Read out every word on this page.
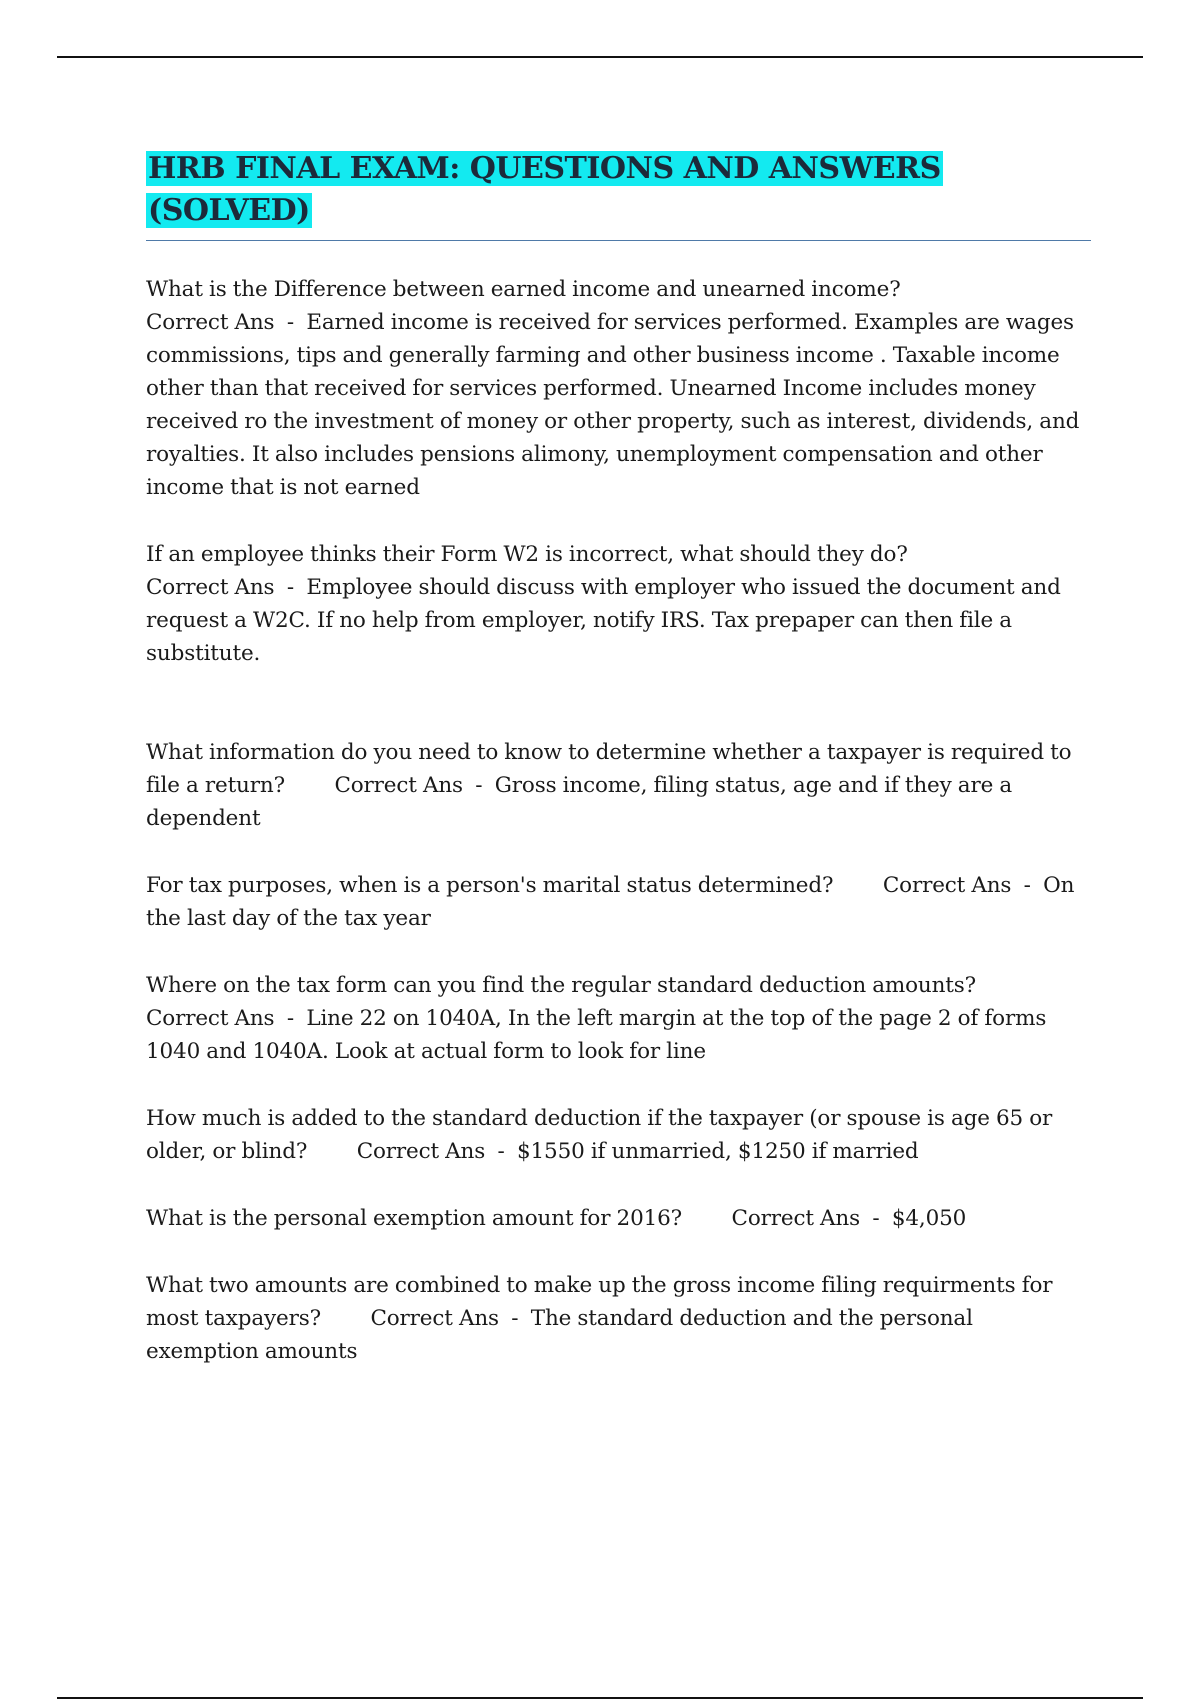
HRB FINAL EXAM: QUESTIONS AND ANSWERS (SOLVED)

What is the Difference between earned income and unearned income?
Correct Ans  -  Earned income is received for services performed. Examples are wages commissions, tips and generally farming and other business income . Taxable income other than that received for services performed. Unearned Income includes money received ro the investment of money or other property, such as interest, dividends, and royalties. It also includes pensions alimony, unemployment compensation and other income that is not earned

If an employee thinks their Form W2 is incorrect, what should they do?
Correct Ans  -  Employee should discuss with employer who issued the document and request a W2C. If no help from employer, notify IRS. Tax prepaper can then file a substitute.

What information do you need to know to determine whether a taxpayer is required to file a return? Correct Ans  -  Gross income, filing status, age and if they are a dependent

For tax purposes, when is a person's marital status determined? Correct Ans  -  On the last day of the tax year

Where on the tax form can you find the regular standard deduction amounts?
Correct Ans  -  Line 22 on 1040A, In the left margin at the top of the page 2 of forms 1040 and 1040A. Look at actual form to look for line

How much is added to the standard deduction if the taxpayer (or spouse is age 65 or older, or blind? Correct Ans  -  $1550 if unmarried, $1250 if married

What is the personal exemption amount for 2016? Correct Ans  -  $4,050

What two amounts are combined to make up the gross income filing requirments for most taxpayers? Correct Ans  -  The standard deduction and the personal exemption amounts
